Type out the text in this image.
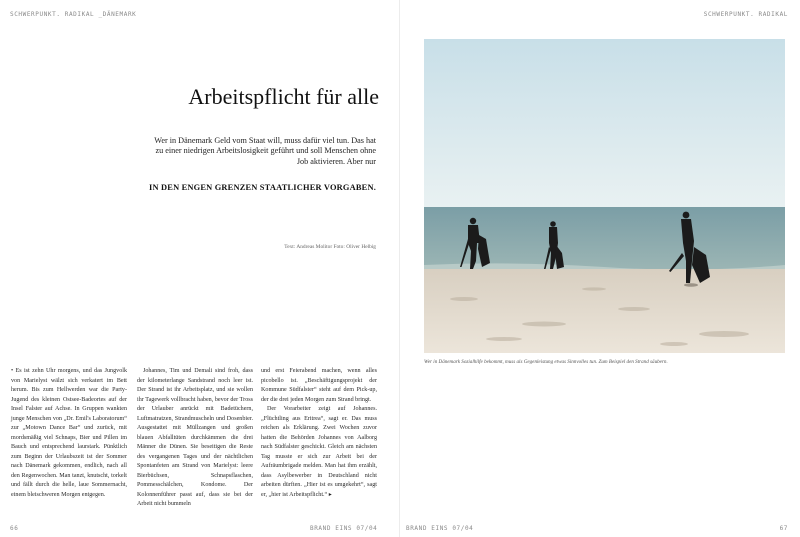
SCHWERPUNKT. RADIKAL _DÄNEMARK
Arbeitspflicht für alle
Wer in Dänemark Geld vom Staat will, muss dafür viel tun. Das hat zu einer niedrigen Arbeitslosigkeit geführt und soll Menschen ohne Job aktivieren. Aber nur
IN DEN ENGEN GRENZEN STAATLICHER VORGABEN.
Text: Andreas Molitor Foto: Oliver Helbig

• Es ist zehn Uhr morgens, und das Jungvolk von Marielyst wälzt sich verkatert im Bett herum. Bis zum Hellwerden war die Party-Jugend des kleinen Ostsee-Badeortes auf der Insel Falster auf Achse. In Gruppen wankten junge Menschen von „Dr. Emil's Laboratorum“ zur „Motown Dance Bar“ und zurück, mit mordsmäßig viel Schnaps, Bier und Pillen im Bauch und entsprechend laurstark. Pünktlich zum Beginn der Urlaubszeit ist der Sommer nach Dänemark gekommen, endlich, nach all den Regenwochen. Man tanzt, knutscht, torkelt und fällt durch die helle, laue Sommernacht, einem bleischweren Morgen entgegen.

Johannes, Tim und Demali sind froh, dass der kilometerlange Sandstrand noch leer ist. Der Strand ist ihr Arbeitsplatz, und sie wollen ihr Tagewerk vollbracht haben, bevor der Tross der Urlauber anrückt mit Badetüchern, Luftmatratzen, Strandmuscheln und Dosenbier. Ausgestattet mit Müllzangen und großen blauen Abfalltüten durchkämmen die drei Männer die Dünen. Sie beseitigen die Reste des vergangenen Tages und der nächtlichen Spontanfeten am Strand von Marielyst: leere Bierbüchsen, Schnapsflaschen, Pommesschälchen, Kondome. Der Kolonnenführer passt auf, dass sie bei der Arbeit nicht bummeln

und erst Feierabend machen, wenn alles picobello ist. „Beschäftigungsprojekt der Kommune Südfalster“ steht auf dem Pick-up, der die drei jeden Morgen zum Strand bringt.

Der Vorarbeiter zeigt auf Johannes. „Flüchtling aus Eritrea“, sagt er. Das muss reichen als Erklärung. Zwei Wochen zuvor hatten die Behörden Johannes von Aalborg nach Südfalster geschickt. Gleich am nächsten Tag musste er sich zur Arbeit bei der Aufräumbrigade melden. Man hat ihm erzählt, dass Asylbewerber in Deutschland nicht arbeiten dürften. „Hier ist es umgekehrt“, sagt er, „hier ist Arbeitspflicht.“ ▸

66	BRAND EINS 07/04
SCHWERPUNKT. RADIKAL
Wer in Dänemark Sozialhilfe bekommt, muss als Gegenleistung etwas Sinnvolles tun. Zum Beispiel den Strand säubern.
BRAND EINS 07/04	67
